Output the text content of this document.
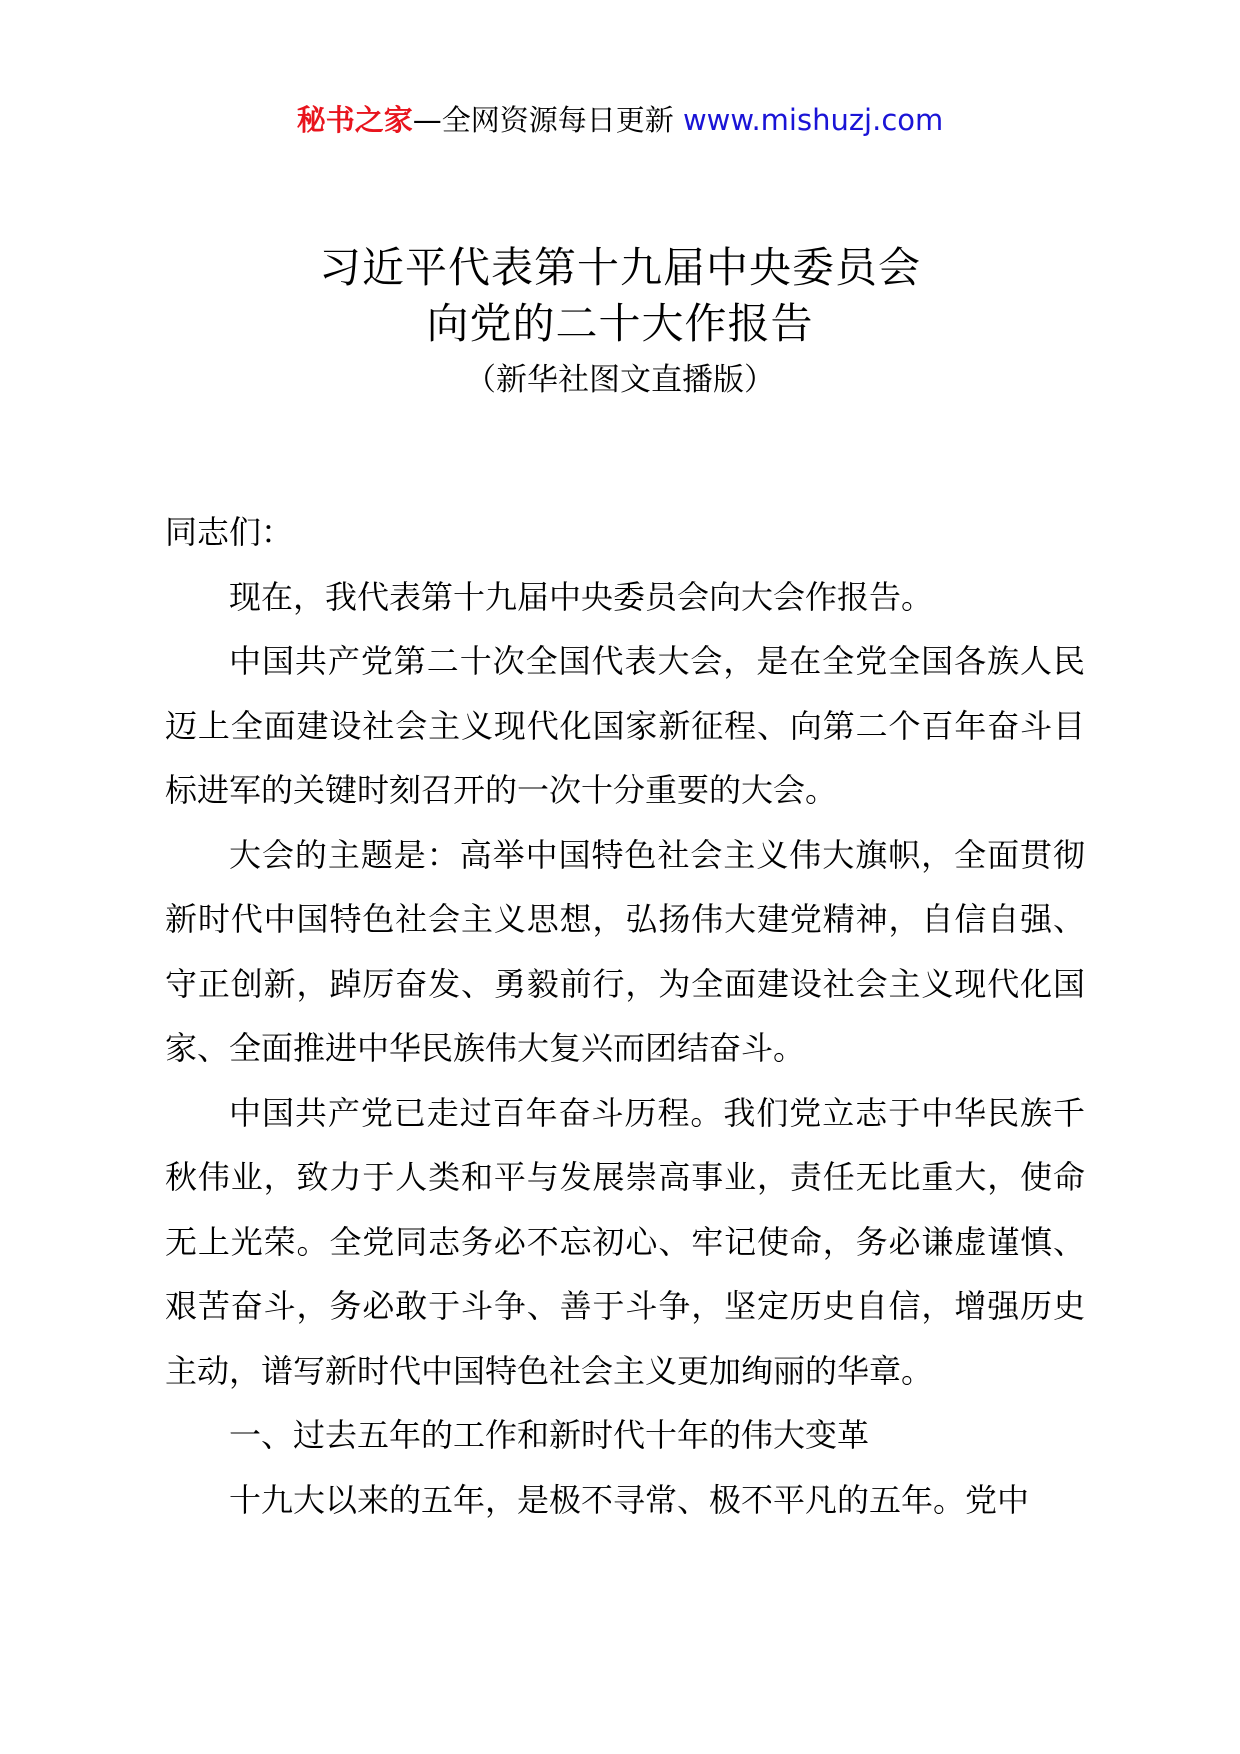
秘书之家—全网资源每日更新 www.mishuzj.com
习近平代表第十九届中央委员会
向党的二十大作报告
（新华社图文直播版）

同志们：

现在，我代表第十九届中央委员会向大会作报告。

中国共产党第二十次全国代表大会，是在全党全国各族人民迈上全面建设社会主义现代化国家新征程、向第二个百年奋斗目标进军的关键时刻召开的一次十分重要的大会。

大会的主题是：高举中国特色社会主义伟大旗帜，全面贯彻新时代中国特色社会主义思想，弘扬伟大建党精神，自信自强、守正创新，踔厉奋发、勇毅前行，为全面建设社会主义现代化国家、全面推进中华民族伟大复兴而团结奋斗。

中国共产党已走过百年奋斗历程。我们党立志于中华民族千秋伟业，致力于人类和平与发展崇高事业，责任无比重大，使命无上光荣。全党同志务必不忘初心、牢记使命，务必谦虚谨慎、艰苦奋斗，务必敢于斗争、善于斗争，坚定历史自信，增强历史主动，谱写新时代中国特色社会主义更加绚丽的华章。

一、过去五年的工作和新时代十年的伟大变革

十九大以来的五年，是极不寻常、极不平凡的五年。党中
